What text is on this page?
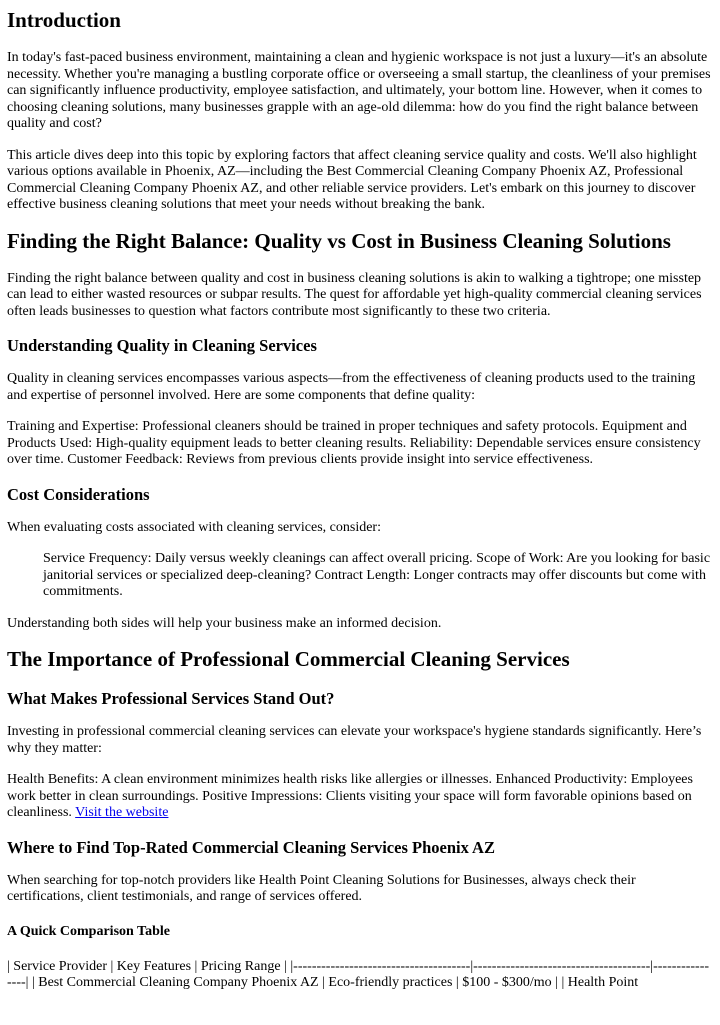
Introduction

In today's fast-paced business environment, maintaining a clean and hygienic workspace is not just a luxury—it's an absolute necessity. Whether you're managing a bustling corporate office or overseeing a small startup, the cleanliness of your premises can significantly influence productivity, employee satisfaction, and ultimately, your bottom line. However, when it comes to choosing cleaning solutions, many businesses grapple with an age-old dilemma: how do you find the right balance between quality and cost?

This article dives deep into this topic by exploring factors that affect cleaning service quality and costs. We'll also highlight various options available in Phoenix, AZ—including the Best Commercial Cleaning Company Phoenix AZ, Professional Commercial Cleaning Company Phoenix AZ, and other reliable service providers. Let's embark on this journey to discover effective business cleaning solutions that meet your needs without breaking the bank.

Finding the Right Balance: Quality vs Cost in Business Cleaning Solutions

Finding the right balance between quality and cost in business cleaning solutions is akin to walking a tightrope; one misstep can lead to either wasted resources or subpar results. The quest for affordable yet high-quality commercial cleaning services often leads businesses to question what factors contribute most significantly to these two criteria.

Understanding Quality in Cleaning Services

Quality in cleaning services encompasses various aspects—from the effectiveness of cleaning products used to the training and expertise of personnel involved. Here are some components that define quality:

Training and Expertise: Professional cleaners should be trained in proper techniques and safety protocols. Equipment and Products Used: High-quality equipment leads to better cleaning results. Reliability: Dependable services ensure consistency over time. Customer Feedback: Reviews from previous clients provide insight into service effectiveness.

Cost Considerations

When evaluating costs associated with cleaning services, consider:

Service Frequency: Daily versus weekly cleanings can affect overall pricing. Scope of Work: Are you looking for basic janitorial services or specialized deep-cleaning? Contract Length: Longer contracts may offer discounts but come with commitments.

Understanding both sides will help your business make an informed decision.

The Importance of Professional Commercial Cleaning Services
What Makes Professional Services Stand Out?

Investing in professional commercial cleaning services can elevate your workspace's hygiene standards significantly. Here’s why they matter:

Health Benefits: A clean environment minimizes health risks like allergies or illnesses. Enhanced Productivity: Employees work better in clean surroundings. Positive Impressions: Clients visiting your space will form favorable opinions based on cleanliness. Visit the website

Where to Find Top-Rated Commercial Cleaning Services Phoenix AZ

When searching for top-notch providers like Health Point Cleaning Solutions for Businesses, always check their certifications, client testimonials, and range of services offered.

A Quick Comparison Table

| Service Provider | Key Features | Pricing Range | |--------------------------------------|--------------------------------------|----------------| | Best Commercial Cleaning Company Phoenix AZ | Eco-friendly practices | $100 - $300/mo | | Health Point
